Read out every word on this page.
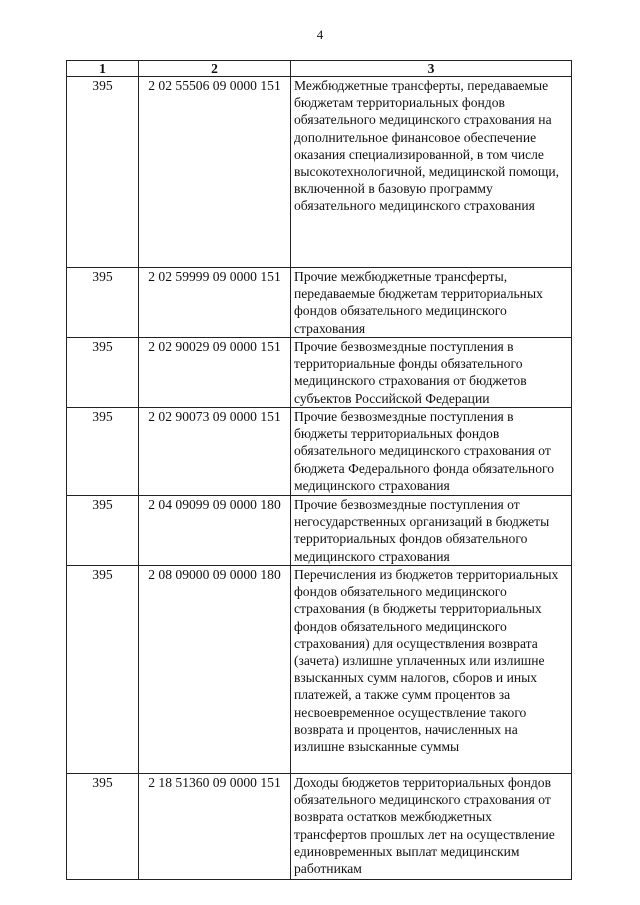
4
1	2	3
395	2 02 55506 09 0000 151	Межбюджетные трансферты, передаваемые бюджетам территориальных фондов обязательного медицинского страхования на дополнительное финансовое обеспечение оказания специализированной, в том числе высокотехнологичной, медицинской помощи, включенной в базовую программу обязательного медицинского страхования
395	2 02 59999 09 0000 151	Прочие межбюджетные трансферты, передаваемые бюджетам территориальных фондов обязательного медицинского страхования
395	2 02 90029 09 0000 151	Прочие безвозмездные поступления в территориальные фонды обязательного медицинского страхования от бюджетов субъектов Российской Федерации
395	2 02 90073 09 0000 151	Прочие безвозмездные поступления в бюджеты территориальных фондов обязательного медицинского страхования от бюджета Федерального фонда обязательного медицинского страхования
395	2 04 09099 09 0000 180	Прочие безвозмездные поступления от негосударственных организаций в бюджеты территориальных фондов обязательного медицинского страхования
395	2 08 09000 09 0000 180	Перечисления из бюджетов территориальных фондов обязательного медицинского страхования (в бюджеты территориальных фондов обязательного медицинского страхования) для осуществления возврата (зачета) излишне уплаченных или излишне взысканных сумм налогов, сборов и иных платежей, а также сумм процентов за несвоевременное осуществление такого возврата и процентов, начисленных на излишне взысканные суммы
395	2 18 51360 09 0000 151	Доходы бюджетов территориальных фондов обязательного медицинского страхования от возврата остатков межбюджетных трансфертов прошлых лет на осуществление единовременных выплат медицинским работникам
